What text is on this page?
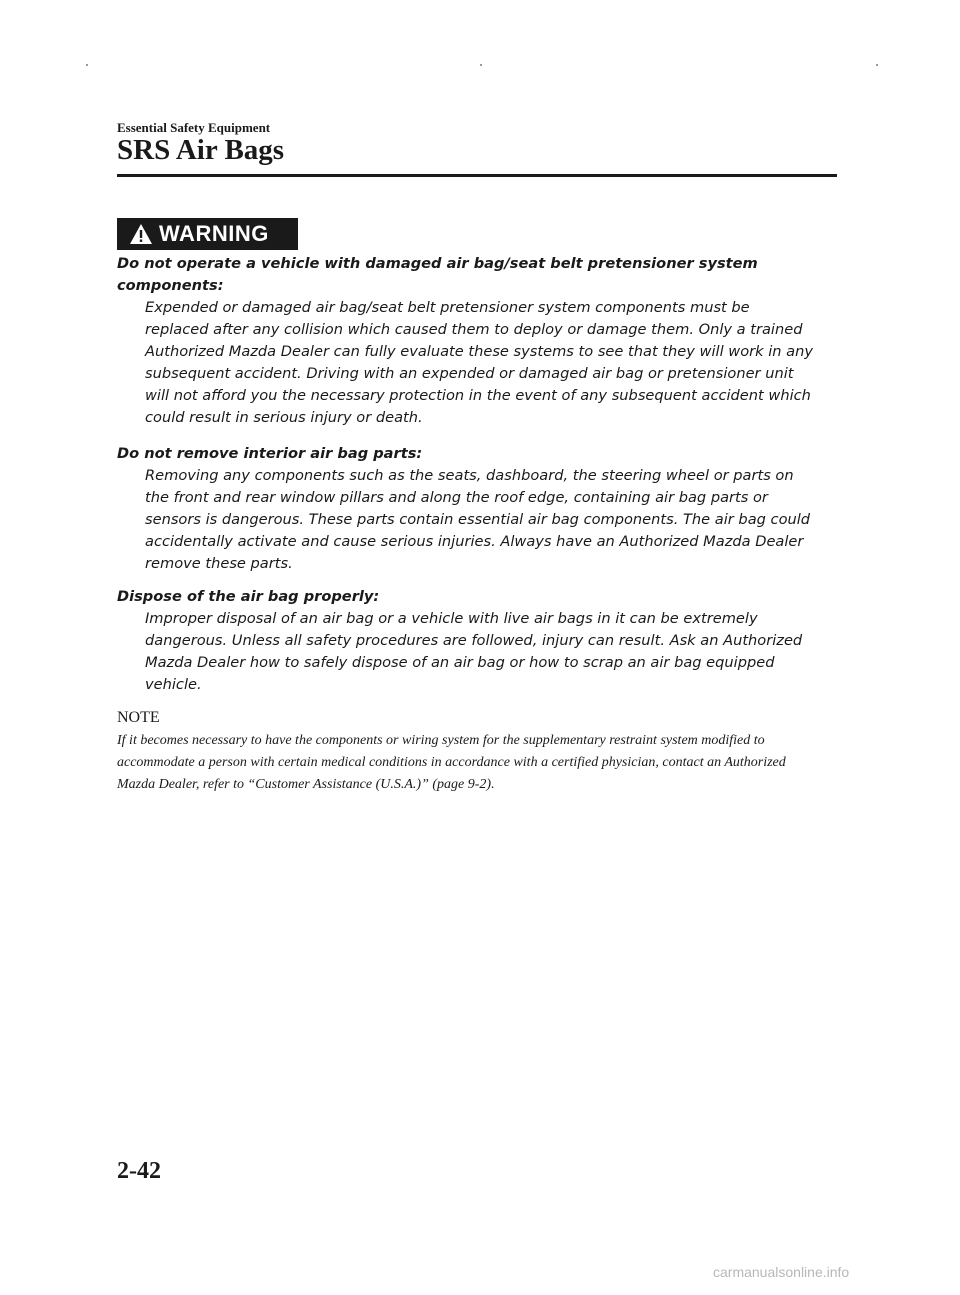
Essential Safety Equipment
SRS Air Bags
WARNING

Do not operate a vehicle with damaged air bag/seat belt pretensioner system components:

Expended or damaged air bag/seat belt pretensioner system components must be replaced after any collision which caused them to deploy or damage them. Only a trained Authorized Mazda Dealer can fully evaluate these systems to see that they will work in any subsequent accident. Driving with an expended or damaged air bag or pretensioner unit will not afford you the necessary protection in the event of any subsequent accident which could result in serious injury or death.

Do not remove interior air bag parts:

Removing any components such as the seats, dashboard, the steering wheel or parts on the front and rear window pillars and along the roof edge, containing air bag parts or sensors is dangerous. These parts contain essential air bag components. The air bag could accidentally activate and cause serious injuries. Always have an Authorized Mazda Dealer remove these parts.

Dispose of the air bag properly:

Improper disposal of an air bag or a vehicle with live air bags in it can be extremely dangerous. Unless all safety procedures are followed, injury can result. Ask an Authorized Mazda Dealer how to safely dispose of an air bag or how to scrap an air bag equipped vehicle.

NOTE

If it becomes necessary to have the components or wiring system for the supplementary restraint system modified to accommodate a person with certain medical conditions in accordance with a certified physician, contact an Authorized Mazda Dealer, refer to “Customer Assistance (U.S.A.)” (page 9-2).

2-42
carmanualsonline.info
